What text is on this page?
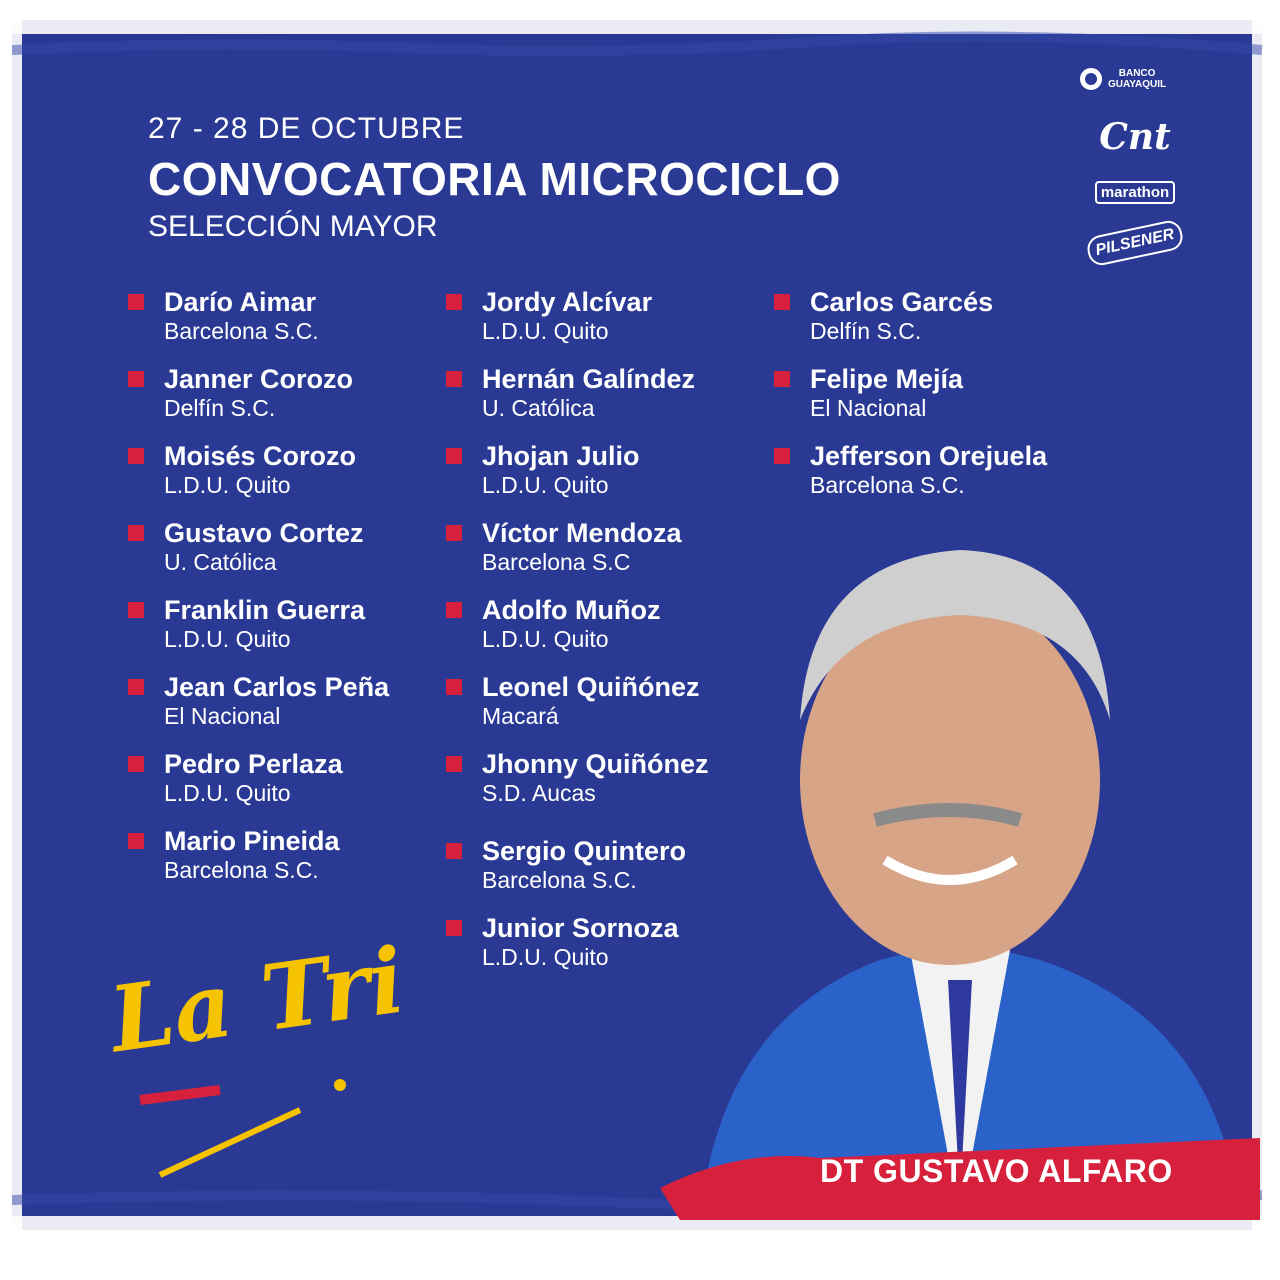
27 - 28 DE OCTUBRE
CONVOCATORIA MICROCICLO
SELECCIÓN MAYOR
BANCO
GUAYAQUIL
Cnt
marathon
PILSENER
Darío Aimar
Barcelona S.C.
Janner Corozo
Delfín S.C.
Moisés Corozo
L.D.U. Quito
Gustavo Cortez
U. Católica
Franklin Guerra
L.D.U. Quito
Jean Carlos Peña
El Nacional
Pedro Perlaza
L.D.U. Quito
Mario Pineida
Barcelona S.C.
Jordy Alcívar
L.D.U. Quito
Hernán Galíndez
U. Católica
Jhojan Julio
L.D.U. Quito
Víctor Mendoza
Barcelona S.C
Adolfo Muñoz
L.D.U. Quito
Leonel Quiñónez
Macará
Jhonny Quiñónez
S.D. Aucas
Sergio Quintero
Barcelona S.C.
Junior Sornoza
L.D.U. Quito
Carlos Garcés
Delfín S.C.
Felipe Mejía
El Nacional
Jefferson Orejuela
Barcelona S.C.
La Tri
DT GUSTAVO ALFARO
